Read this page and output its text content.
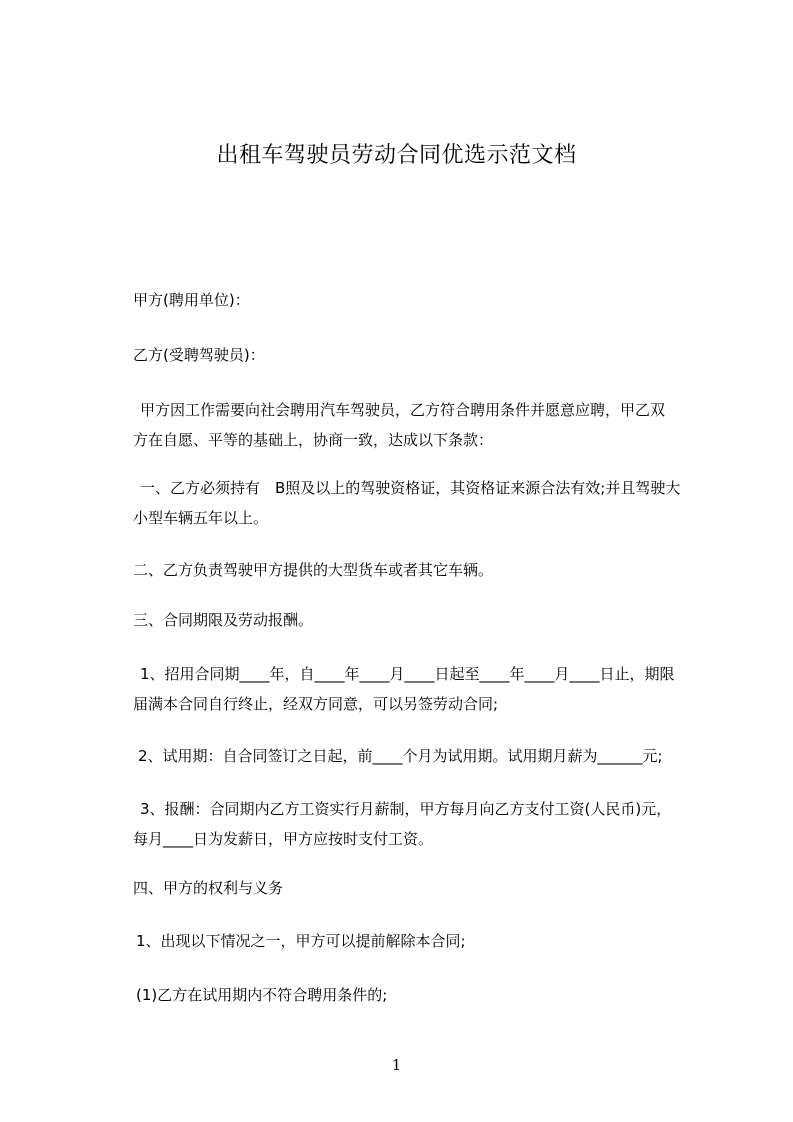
出租车驾驶员劳动合同优选示范文档
甲方(聘用单位)：
乙方(受聘驾驶员)：
甲方因工作需要向社会聘用汽车驾驶员，乙方符合聘用条件并愿意应聘，甲乙双
方在自愿、平等的基础上，协商一致，达成以下条款：
一、乙方必须持有　B照及以上的驾驶资格证，其资格证来源合法有效;并且驾驶大
小型车辆五年以上。
二、乙方负责驾驶甲方提供的大型货车或者其它车辆。
三、合同期限及劳动报酬。
1、招用合同期____年，自____年____月____日起至____年____月____日止，期限
届满本合同自行终止，经双方同意，可以另签劳动合同;
2、试用期：自合同签订之日起，前____个月为试用期。试用期月薪为______元;
3、报酬：合同期内乙方工资实行月薪制，甲方每月向乙方支付工资(人民币)元，
每月____日为发薪日，甲方应按时支付工资。
四、甲方的权利与义务
1、出现以下情况之一，甲方可以提前解除本合同;
(1)乙方在试用期内不符合聘用条件的;
1
